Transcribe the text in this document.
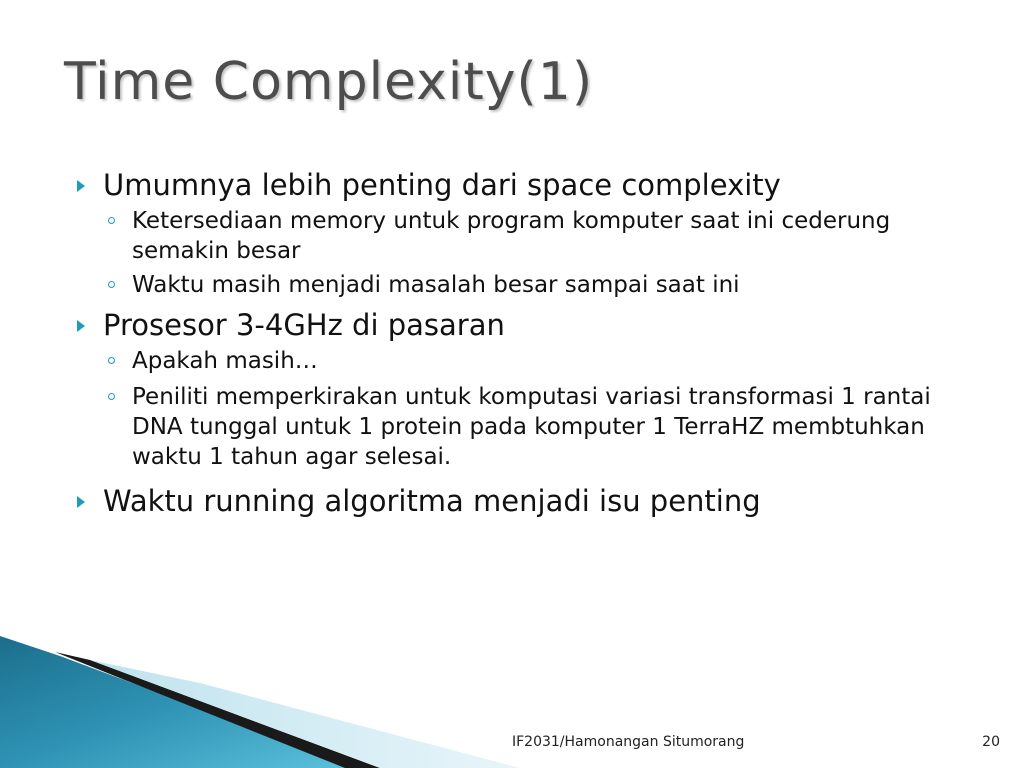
Time Complexity(1)
Umumnya lebih penting dari space complexity
Ketersediaan memory untuk program komputer saat ini cederung semakin besar
Waktu masih menjadi masalah besar sampai saat ini
Prosesor 3-4GHz di pasaran
Apakah masih…
Peniliti memperkirakan untuk komputasi variasi transformasi 1 rantai DNA tunggal untuk 1 protein pada komputer 1 TerraHZ membtuhkan waktu 1 tahun agar selesai.
Waktu running algoritma menjadi isu penting
IF2031/Hamonangan Situmorang	20
